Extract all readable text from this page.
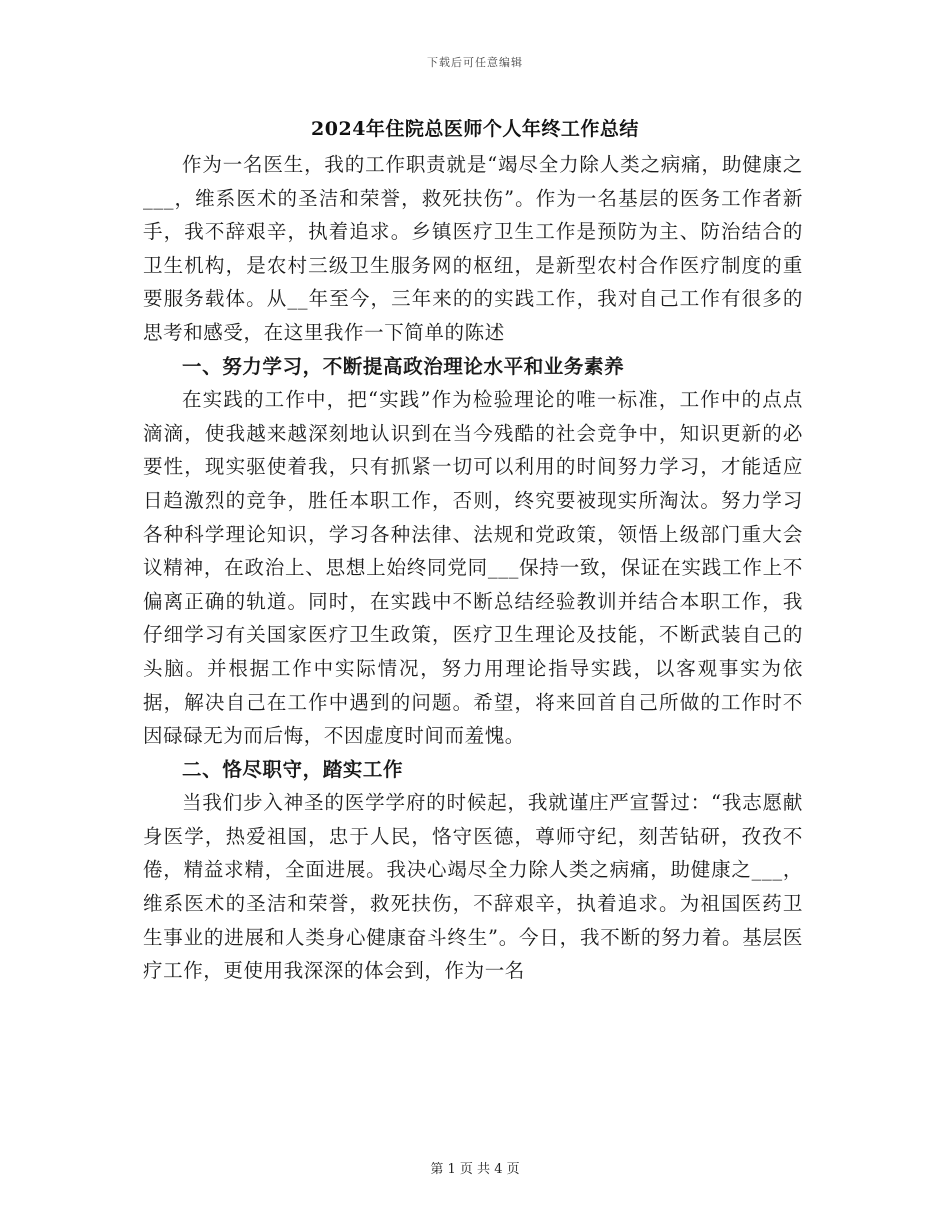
下载后可任意编辑
2024年住院总医师个人年终工作总结

作为一名医生，我的工作职责就是“竭尽全力除人类之病痛，助健康之___，维系医术的圣洁和荣誉，救死扶伤”。作为一名基层的医务工作者新手，我不辞艰辛，执着追求。乡镇医疗卫生工作是预防为主、防治结合的卫生机构，是农村三级卫生服务网的枢纽，是新型农村合作医疗制度的重要服务载体。从__年至今，三年来的的实践工作，我对自己工作有很多的思考和感受，在这里我作一下简单的陈述

一、努力学习，不断提高政治理论水平和业务素养

在实践的工作中，把“实践”作为检验理论的唯一标准，工作中的点点滴滴，使我越来越深刻地认识到在当今残酷的社会竞争中，知识更新的必要性，现实驱使着我，只有抓紧一切可以利用的时间努力学习，才能适应日趋激烈的竞争，胜任本职工作，否则，终究要被现实所淘汰。努力学习各种科学理论知识，学习各种法律、法规和党政策，领悟上级部门重大会议精神，在政治上、思想上始终同党同___保持一致，保证在实践工作上不偏离正确的轨道。同时，在实践中不断总结经验教训并结合本职工作，我仔细学习有关国家医疗卫生政策，医疗卫生理论及技能，不断武装自己的头脑。并根据工作中实际情况，努力用理论指导实践，以客观事实为依据，解决自己在工作中遇到的问题。希望，将来回首自己所做的工作时不因碌碌无为而后悔，不因虚度时间而羞愧。

二、恪尽职守，踏实工作

当我们步入神圣的医学学府的时候起，我就谨庄严宣誓过：“我志愿献身医学，热爱祖国，忠于人民，恪守医德，尊师守纪，刻苦钻研，孜孜不倦，精益求精，全面进展。我决心竭尽全力除人类之病痛，助健康之___，维系医术的圣洁和荣誉，救死扶伤，不辞艰辛，执着追求。为祖国医药卫生事业的进展和人类身心健康奋斗终生”。今日，我不断的努力着。基层医疗工作，更使用我深深的体会到，作为一名

第 1 页 共 4 页
